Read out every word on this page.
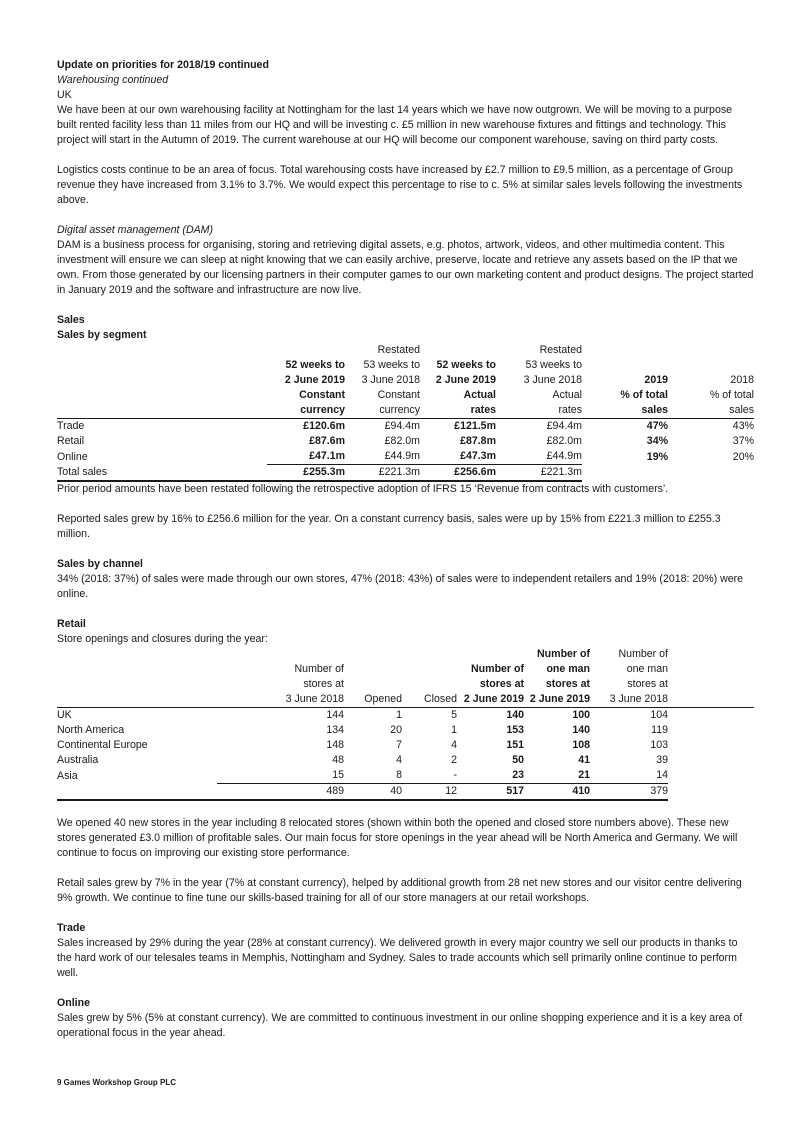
Update on priorities for 2018/19 continued

Warehousing continued

UK

We have been at our own warehousing facility at Nottingham for the last 14 years which we have now outgrown. We will be moving to a purpose built rented facility less than 11 miles from our HQ and will be investing c. £5 million in new warehouse fixtures and fittings and technology. This project will start in the Autumn of 2019. The current warehouse at our HQ will become our component warehouse, saving on third party costs.

Logistics costs continue to be an area of focus. Total warehousing costs have increased by £2.7 million to £9.5 million, as a percentage of Group revenue they have increased from 3.1% to 3.7%. We would expect this percentage to rise to c. 5% at similar sales levels following the investments above.

Digital asset management (DAM)

DAM is a business process for organising, storing and retrieving digital assets, e.g. photos, artwork, videos, and other multimedia content. This investment will ensure we can sleep at night knowing that we can easily archive, preserve, locate and retrieve any assets based on the IP that we own. From those generated by our licensing partners in their computer games to our own marketing content and product designs. The project started in January 2019 and the software and infrastructure are now live.

Sales

Sales by segment

		Restated		Restated		
	52 weeks to	53 weeks to	52 weeks to	53 weeks to		
	2 June 2019	3 June 2018	2 June 2019	3 June 2018	2019	2018
	Constant	Constant	Actual	Actual	% of total	% of total
	currency	currency	rates	rates	sales	sales
Trade	£120.6m	£94.4m	£121.5m	£94.4m	47%	43%
Retail	£87.6m	£82.0m	£87.8m	£82.0m	34%	37%
Online	£47.1m	£44.9m	£47.3m	£44.9m	19%	20%
Total sales	£255.3m	£221.3m	£256.6m	£221.3m		

Prior period amounts have been restated following the retrospective adoption of IFRS 15 ‘Revenue from contracts with customers’.

Reported sales grew by 16% to £256.6 million for the year. On a constant currency basis, sales were up by 15% from £221.3 million to £255.3 million.

Sales by channel

34% (2018: 37%) of sales were made through our own stores, 47% (2018: 43%) of sales were to independent retailers and 19% (2018: 20%) were online.

Retail

Store openings and closures during the year:

					Number of	Number of	
	Number of			Number of	one man	one man	
	stores at			stores at	stores at	stores at	
	3 June 2018	Opened	Closed	2 June 2019	2 June 2019	3 June 2018	
UK	144	1	5	140	100	104	
North America	134	20	1	153	140	119	
Continental Europe	148	7	4	151	108	103	
Australia	48	4	2	50	41	39	
Asia	15	8	-	23	21	14	
	489	40	12	517	410	379	

We opened 40 new stores in the year including 8 relocated stores (shown within both the opened and closed store numbers above). These new stores generated £3.0 million of profitable sales. Our main focus for store openings in the year ahead will be North America and Germany. We will continue to focus on improving our existing store performance.

Retail sales grew by 7% in the year (7% at constant currency), helped by additional growth from 28 net new stores and our visitor centre delivering 9% growth. We continue to fine tune our skills-based training for all of our store managers at our retail workshops.

Trade

Sales increased by 29% during the year (28% at constant currency). We delivered growth in every major country we sell our products in thanks to the hard work of our telesales teams in Memphis, Nottingham and Sydney. Sales to trade accounts which sell primarily online continue to perform well.

Online

Sales grew by 5% (5% at constant currency). We are committed to continuous investment in our online shopping experience and it is a key area of operational focus in the year ahead.

9 Games Workshop Group PLC
